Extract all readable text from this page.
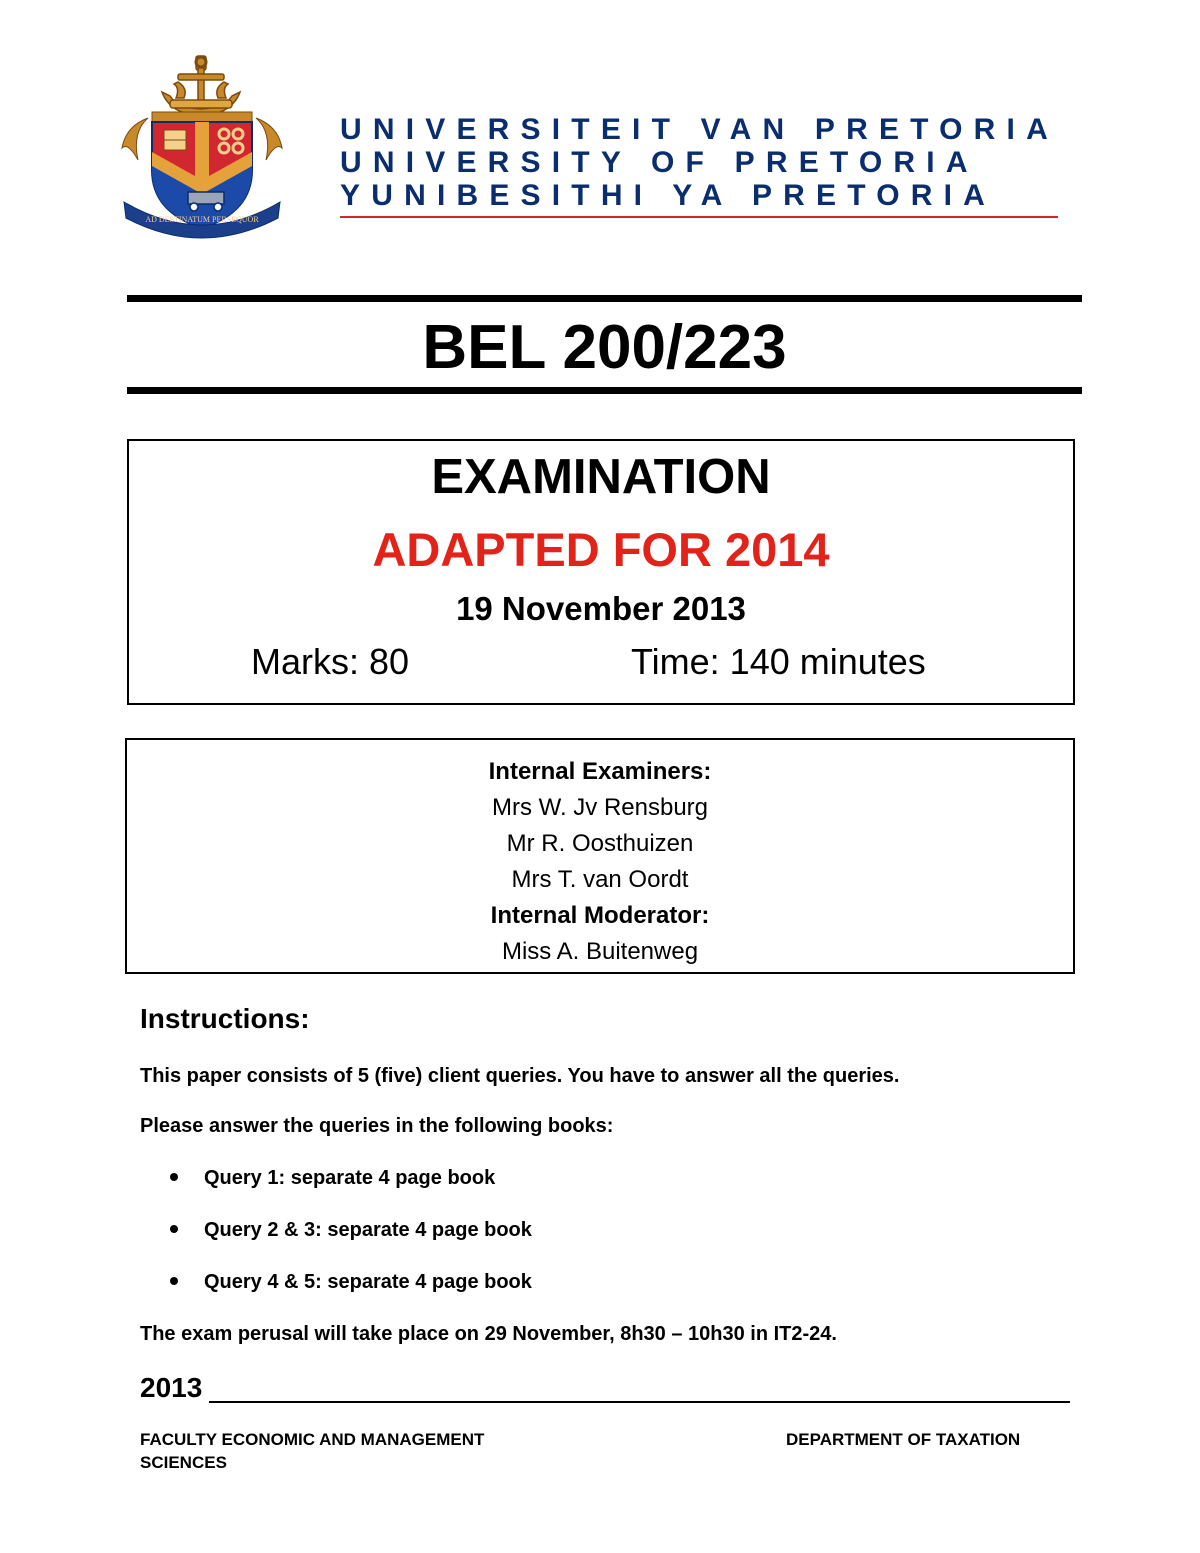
AD DESTINATUM PERSEQUOR
UNIVERSITEIT VAN PRETORIA
UNIVERSITY OF PRETORIA
YUNIBESITHI YA PRETORIA
BEL 200/223
EXAMINATION
ADAPTED FOR 2014
19 November 2013
Marks: 80	Time: 140 minutes
Internal Examiners:
Mrs W. Jv Rensburg
Mr R. Oosthuizen
Mrs T. van Oordt
Internal Moderator:
Miss A. Buitenweg
Instructions:
This paper consists of 5 (five) client queries. You have to answer all the queries.
Please answer the queries in the following books:
Query 1: separate 4 page book
Query 2 & 3: separate 4 page book
Query 4 & 5: separate 4 page book
The exam perusal will take place on 29 November, 8h30 – 10h30 in IT2-24.
2013
FACULTY ECONOMIC AND MANAGEMENT SCIENCES
DEPARTMENT OF TAXATION
